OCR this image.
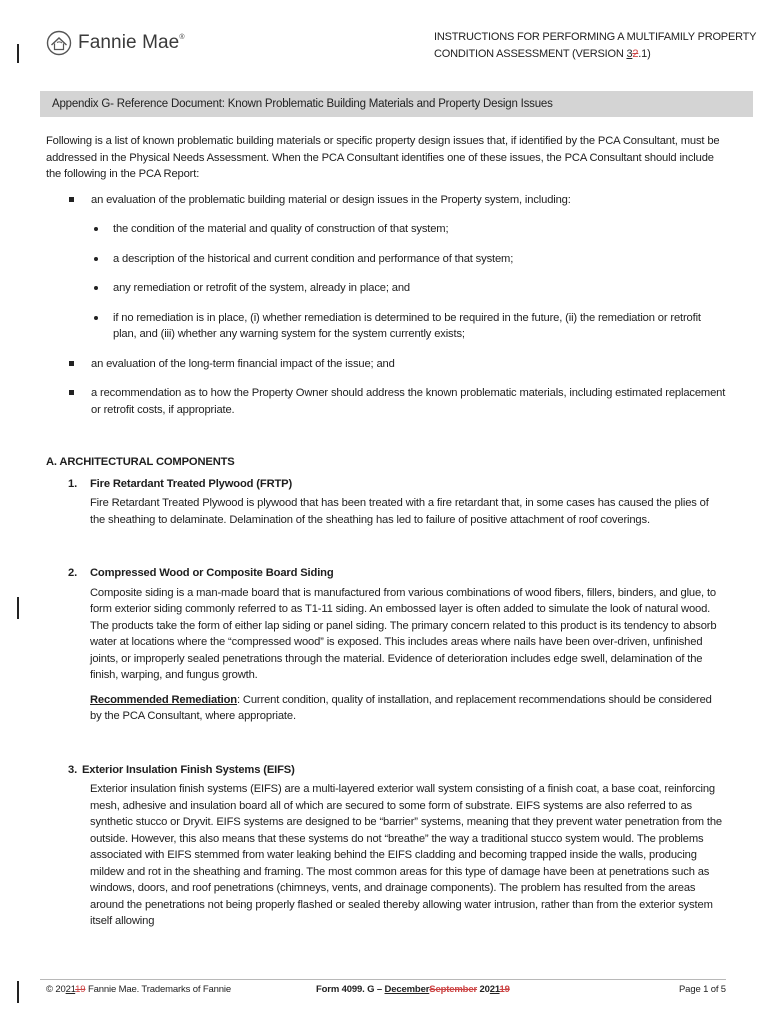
Fannie Mae®	INSTRUCTIONS FOR PERFORMING A MULTIFAMILY PROPERTY CONDITION ASSESSMENT (VERSION 32.1)
Appendix G- Reference Document: Known Problematic Building Materials and Property Design Issues

Following is a list of known problematic building materials or specific property design issues that, if identified by the PCA Consultant, must be addressed in the Physical Needs Assessment. When the PCA Consultant identifies one of these issues, the PCA Consultant should include the following in the PCA Report:

an evaluation of the problematic building material or design issues in the Property system, including:
the condition of the material and quality of construction of that system;
a description of the historical and current condition and performance of that system;
any remediation or retrofit of the system, already in place; and
if no remediation is in place, (i) whether remediation is determined to be required in the future, (ii) the remediation or retrofit plan, and (iii) whether any warning system for the system currently exists;
an evaluation of the long-term financial impact of the issue; and
a recommendation as to how the Property Owner should address the known problematic materials, including estimated replacement or retrofit costs, if appropriate.
A. ARCHITECTURAL COMPONENTS
1.	Fire Retardant Treated Plywood (FRTP)
Fire Retardant Treated Plywood is plywood that has been treated with a fire retardant that, in some cases has caused the plies of the sheathing to delaminate. Delamination of the sheathing has led to failure of positive attachment of roof coverings.
2.	Compressed Wood or Composite Board Siding
Composite siding is a man-made board that is manufactured from various combinations of wood fibers, fillers, binders, and glue, to form exterior siding commonly referred to as T1-11 siding. An embossed layer is often added to simulate the look of natural wood. The products take the form of either lap siding or panel siding. The primary concern related to this product is its tendency to absorb water at locations where the “compressed wood” is exposed. This includes areas where nails have been over-driven, unfinished joints, or improperly sealed penetrations through the material. Evidence of deterioration includes edge swell, delamination of the finish, warping, and fungus growth.
Recommended Remediation: Current condition, quality of installation, and replacement recommendations should be considered by the PCA Consultant, where appropriate.
3. Exterior Insulation Finish Systems (EIFS)
Exterior insulation finish systems (EIFS) are a multi-layered exterior wall system consisting of a finish coat, a base coat, reinforcing mesh, adhesive and insulation board all of which are secured to some form of substrate. EIFS systems are also referred to as synthetic stucco or Dryvit. EIFS systems are designed to be “barrier” systems, meaning that they prevent water penetration from the outside. However, this also means that these systems do not “breathe” the way a traditional stucco system would. The problems associated with EIFS stemmed from water leaking behind the EIFS cladding and becoming trapped inside the walls, producing mildew and rot in the sheathing and framing. The most common areas for this type of damage have been at penetrations such as windows, doors, and roof penetrations (chimneys, vents, and drainage components). The problem has resulted from the areas around the penetrations not being properly flashed or sealed thereby allowing water intrusion, rather than from the exterior system itself allowing
© 202119 Fannie Mae. Trademarks of Fannie	Form 4099. G – DecemberSeptember 202119	Page 1 of 5
